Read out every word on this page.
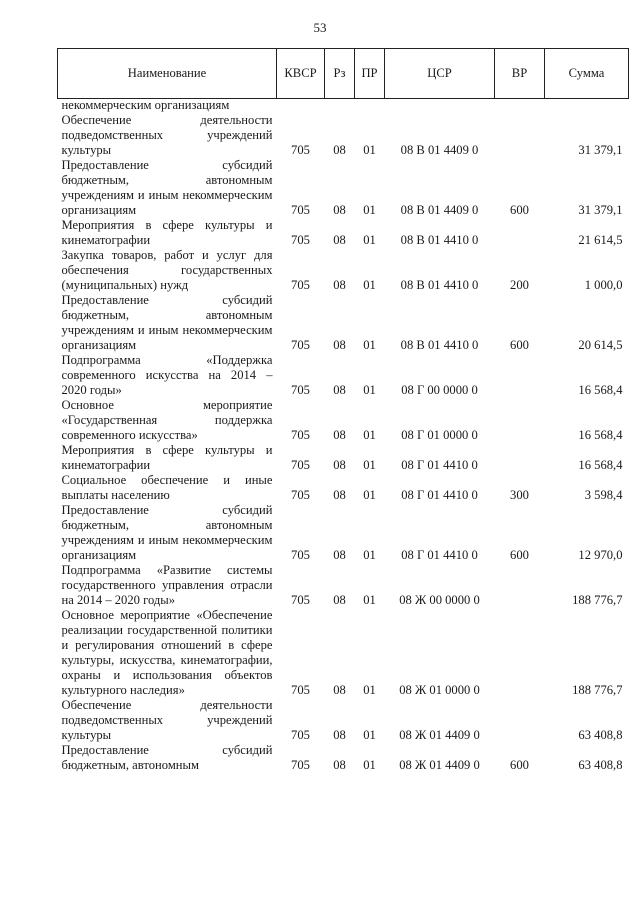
53
Наименование	КВСР	Рз	ПР	ЦСР	ВР	Сумма
некоммерческим организациям						
Обеспечение деятельности подведомственных учреждений культуры	705	08	01	08 В 01 4409 0		31 379,1
Предоставление субсидий бюджетным, автономным учреждениям и иным некоммерческим организациям	705	08	01	08 В 01 4409 0	600	31 379,1
Мероприятия в сфере культуры и кинематографии	705	08	01	08 В 01 4410 0		21 614,5
Закупка товаров, работ и услуг для обеспечения государственных (муниципальных) нужд	705	08	01	08 В 01 4410 0	200	1 000,0
Предоставление субсидий бюджетным, автономным учреждениям и иным некоммерческим организациям	705	08	01	08 В 01 4410 0	600	20 614,5
Подпрограмма «Поддержка современного искусства на 2014 – 2020 годы»	705	08	01	08 Г 00 0000 0		16 568,4
Основное мероприятие «Государственная поддержка современного искусства»	705	08	01	08 Г 01 0000 0		16 568,4
Мероприятия в сфере культуры и кинематографии	705	08	01	08 Г 01 4410 0		16 568,4
Социальное обеспечение и иные выплаты населению	705	08	01	08 Г 01 4410 0	300	3 598,4
Предоставление субсидий бюджетным, автономным учреждениям и иным некоммерческим организациям	705	08	01	08 Г 01 4410 0	600	12 970,0
Подпрограмма «Развитие системы государственного управления отрасли на 2014 – 2020 годы»	705	08	01	08 Ж 00 0000 0		188 776,7
Основное мероприятие «Обеспечение реализации государственной политики и регулирования отношений в сфере культуры, искусства, кинематографии, охраны и использования объектов культурного наследия»	705	08	01	08 Ж 01 0000 0		188 776,7
Обеспечение деятельности подведомственных учреждений культуры	705	08	01	08 Ж 01 4409 0		63 408,8
Предоставление субсидий бюджетным, автономным	705	08	01	08 Ж 01 4409 0	600	63 408,8
